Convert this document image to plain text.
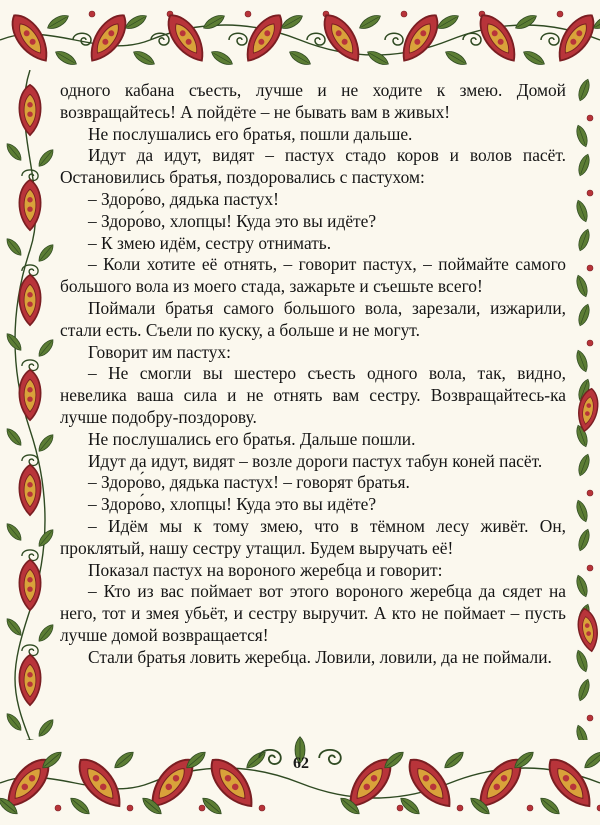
одного кабана съесть, лучше и не ходите к змею. Домой возвращайтесь! А пойдёте – не бывать вам в живых!

Не послушались его братья, пошли дальше.

Идут да идут, видят – пастух стадо коров и волов пасёт. Остановились братья, поздоровались с пастухом:

– Здоро́во, дядька пастух!

– Здоро́во, хлопцы! Куда это вы идёте?

– К змею идём, сестру отнимать.

– Коли хотите её отнять, – говорит пастух, – поймайте самого большого вола из моего стада, зажарьте и съешьте всего!

Поймали братья самого большого вола, зарезали, изжарили, стали есть. Съели по куску, а больше и не могут.

Говорит им пастух:

– Не смогли вы шестеро съесть одного вола, так, видно, невелика ваша сила и не отнять вам сестру. Возвращайтесь-ка лучше подобру-поздорову.

Не послушались его братья. Дальше пошли.

Идут да идут, видят – возле дороги пастух табун коней пасёт.

– Здоро́во, дядька пастух! – говорят братья.

– Здоро́во, хлопцы! Куда это вы идёте?

– Идём мы к тому змею, что в тёмном лесу живёт. Он, проклятый, нашу сестру утащил. Будем выручать её!

Показал пастух на вороного жеребца и говорит:

– Кто из вас поймает вот этого вороного жеребца да сядет на него, тот и змея убьёт, и сестру выручит. А кто не поймает – пусть лучше домой возвращается!

Стали братья ловить жеребца. Ловили, ловили, да не поймали.

62
